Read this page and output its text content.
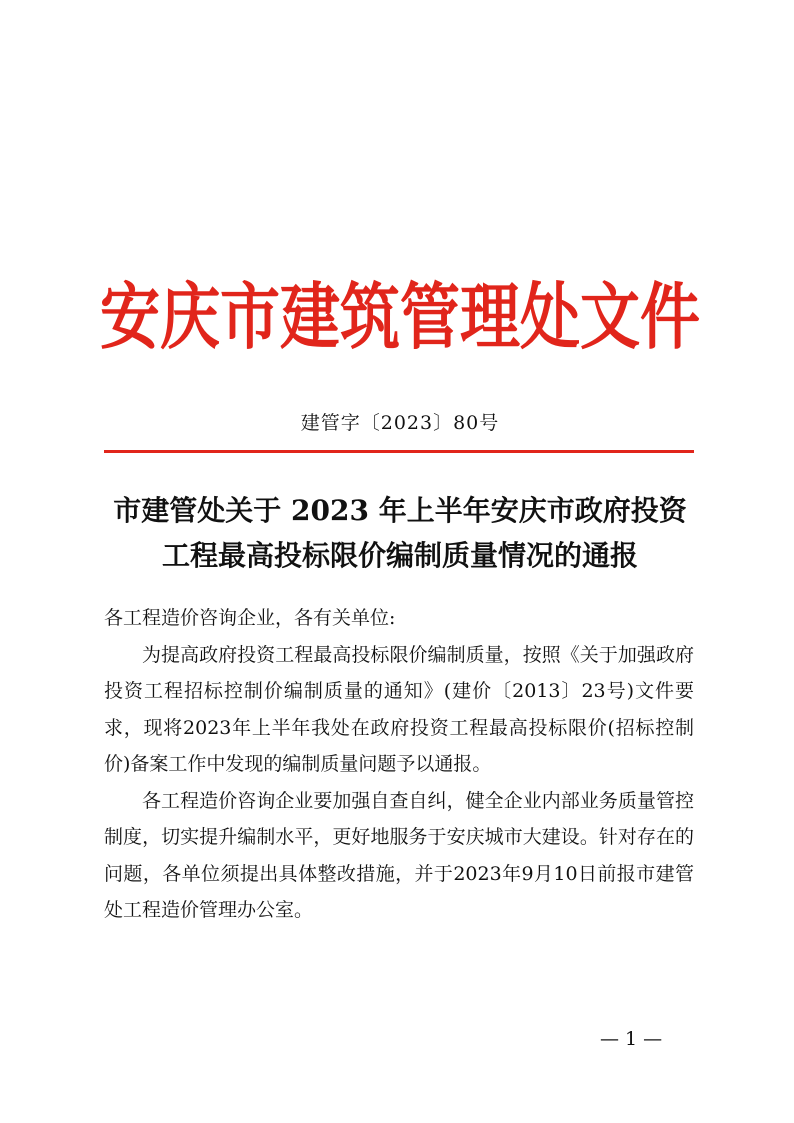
安庆市建筑管理处文件
建管字〔2023〕80号
市建管处关于 2023 年上半年安庆市政府投资
工程最高投标限价编制质量情况的通报

各工程造价咨询企业，各有关单位:

为提高政府投资工程最高投标限价编制质量，按照《关于加强政府投资工程招标控制价编制质量的通知》(建价〔2013〕23号)文件要求，现将2023年上半年我处在政府投资工程最高投标限价(招标控制价)备案工作中发现的编制质量问题予以通报。

各工程造价咨询企业要加强自查自纠，健全企业内部业务质量管控制度，切实提升编制水平，更好地服务于安庆城市大建设。针对存在的问题，各单位须提出具体整改措施，并于2023年9月10日前报市建管处工程造价管理办公室。

— 1 —
